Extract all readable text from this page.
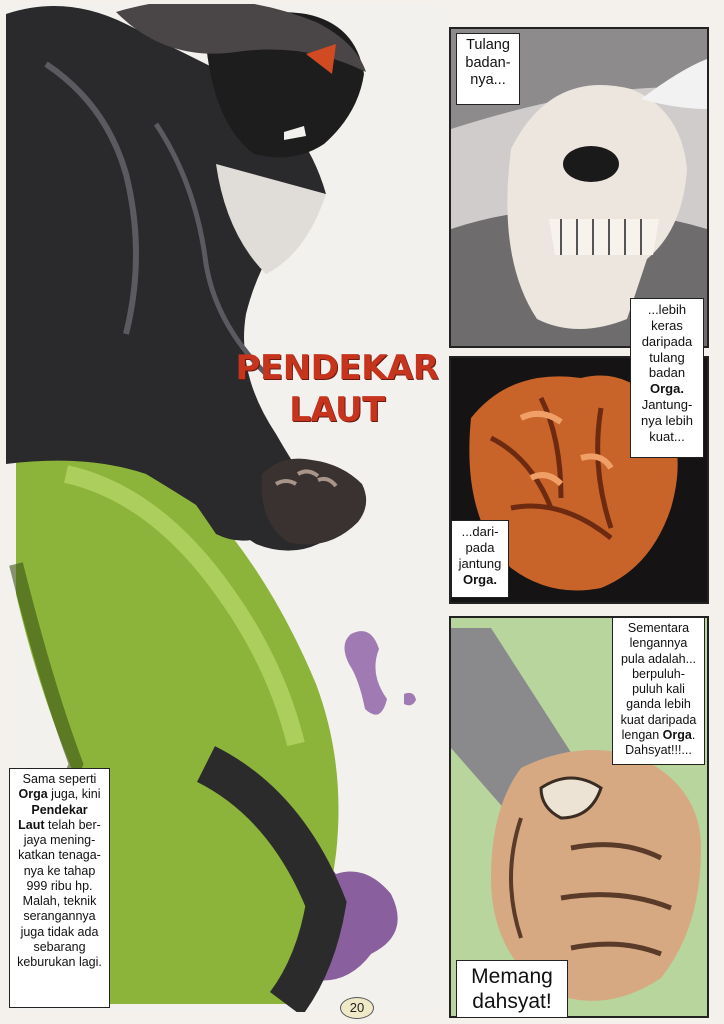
PENDEKAR
LAUT
Sama seperti
Orga juga, kini
Pendekar
Laut telah ber-
jaya mening-
katkan tenaga-
nya ke tahap
999 ribu hp.
Malah, teknik
serangannya
juga tidak ada
sebarang
keburukan lagi.
Tulang
badan-
nya...
...lebih
keras
daripada
tulang
badan
Orga.
Jantung-
nya lebih
kuat...
...dari-
pada
jantung
Orga.
Sementara
lengannya
pula adalah...
berpuluh-
puluh kali
ganda lebih
kuat daripada
lengan Orga.
Dahsyat!!!...
Memang
dahsyat!
20
